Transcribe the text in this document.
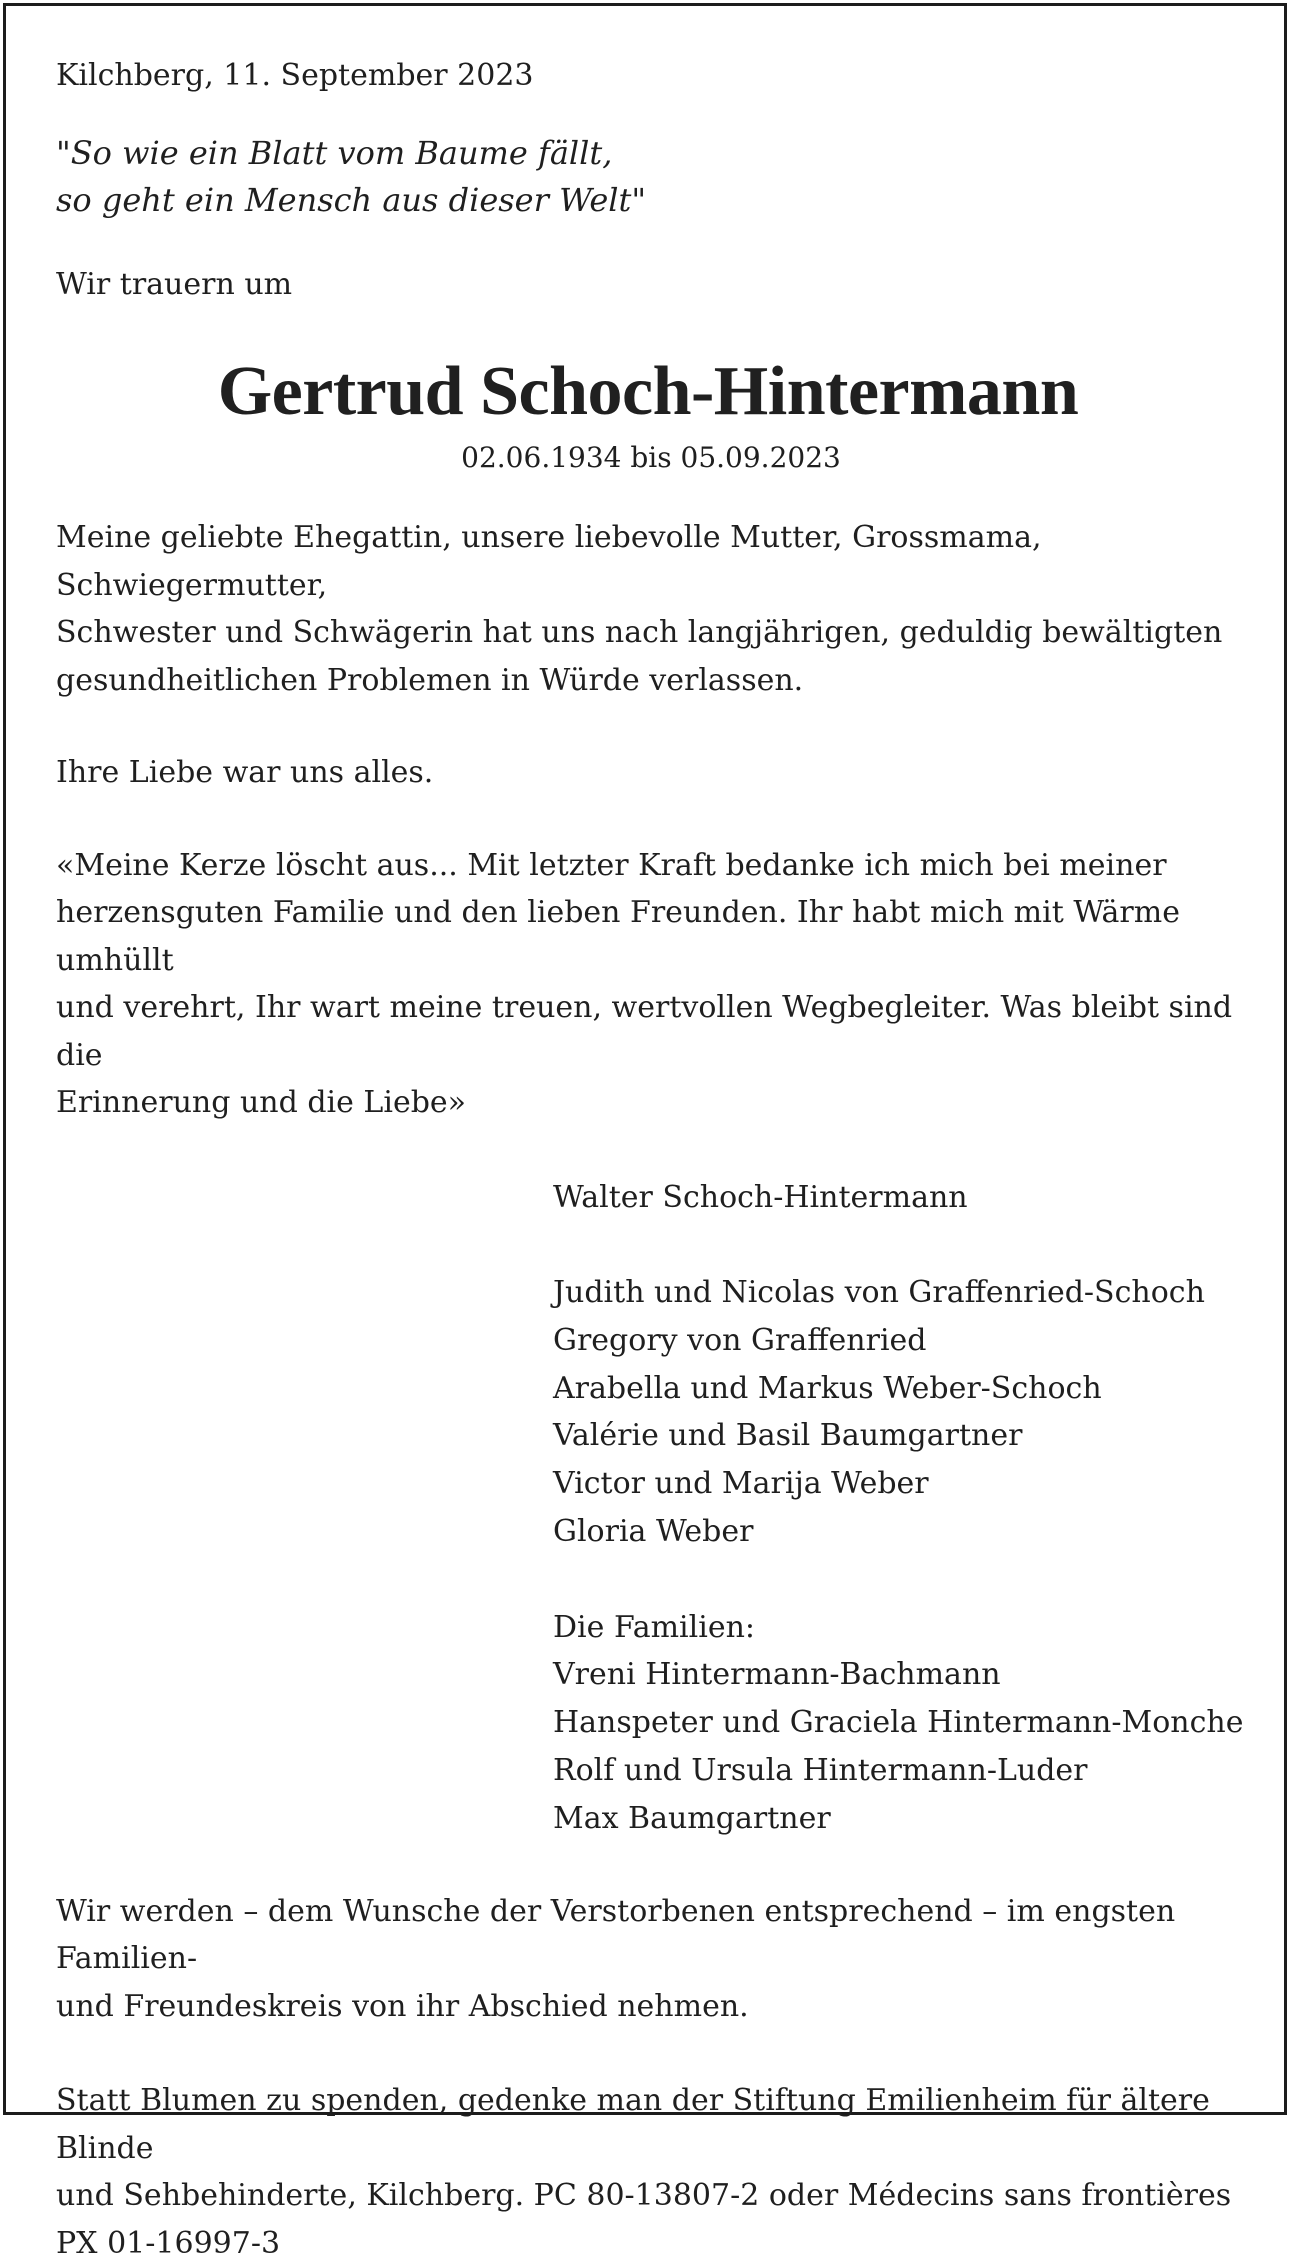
Kilchberg, 11. September 2023

"So wie ein Blatt vom Baume fällt,

so geht ein Mensch aus dieser Welt"

Wir trauern um

Gertrud Schoch-Hintermann

02.06.1934 bis 05.09.2023

Meine geliebte Ehegattin, unsere liebevolle Mutter, Grossmama, Schwiegermutter,

Schwester und Schwägerin hat uns nach langjährigen, geduldig bewältigten

gesundheitlichen Problemen in Würde verlassen.

Ihre Liebe war uns alles.

«Meine Kerze löscht aus... Mit letzter Kraft bedanke ich mich bei meiner

herzensguten Familie und den lieben Freunden. Ihr habt mich mit Wärme umhüllt

und verehrt, Ihr wart meine treuen, wertvollen Wegbegleiter. Was bleibt sind die

Erinnerung und die Liebe»

Walter Schoch-Hintermann

Judith und Nicolas von Graffenried-Schoch

Gregory von Graffenried

Arabella und Markus Weber-Schoch

Valérie und Basil Baumgartner

Victor und Marija Weber

Gloria Weber

Die Familien:

Vreni Hintermann-Bachmann

Hanspeter und Graciela Hintermann-Monche

Rolf und Ursula Hintermann-Luder

Max Baumgartner

Wir werden – dem Wunsche der Verstorbenen entsprechend – im engsten Familien-

und Freundeskreis von ihr Abschied nehmen.

Statt Blumen zu spenden, gedenke man der Stiftung Emilienheim für ältere Blinde

und Sehbehinderte, Kilchberg. PC 80-13807-2 oder Médecins sans frontières

PX 01-16997-3
